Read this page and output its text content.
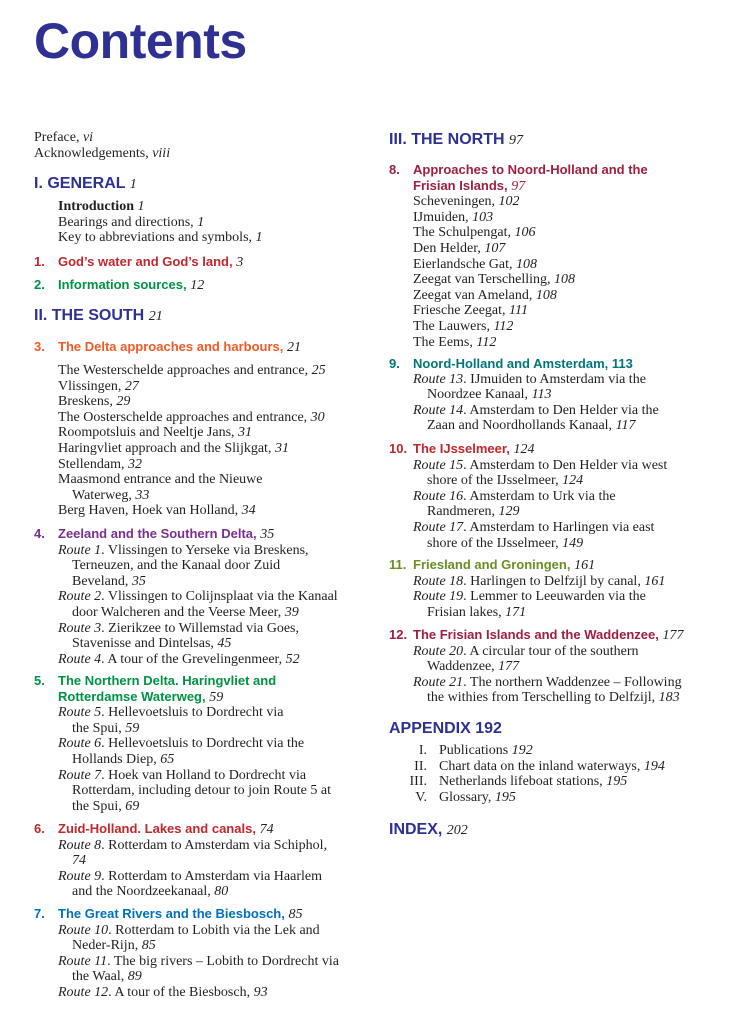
Contents
Preface, vi
Acknowledgements, viii
I. GENERAL 1
Introduction 1
Bearings and directions, 1
Key to abbreviations and symbols, 1
1. God’s water and God’s land, 3
2. Information sources, 12
II. THE SOUTH 21
3. The Delta approaches and harbours, 21
The Westerschelde approaches and entrance, 25
Vlissingen, 27
Breskens, 29
The Oosterschelde approaches and entrance, 30
Roompotsluis and Neeltje Jans, 31
Haringvliet approach and the Slijkgat, 31
Stellendam, 32
Maasmond entrance and the Nieuwe
Waterweg, 33
Berg Haven, Hoek van Holland, 34
4. Zeeland and the Southern Delta, 35
Route 1. Vlissingen to Yerseke via Breskens,
Terneuzen, and the Kanaal door Zuid
Beveland, 35
Route 2. Vlissingen to Colijnsplaat via the Kanaal
door Walcheren and the Veerse Meer, 39
Route 3. Zierikzee to Willemstad via Goes,
Stavenisse and Dintelsas, 45
Route 4. A tour of the Grevelingenmeer, 52
5. The Northern Delta. Haringvliet and
Rotterdamse Waterweg, 59
Route 5. Hellevoetsluis to Dordrecht via
the Spui, 59
Route 6. Hellevoetsluis to Dordrecht via the
Hollands Diep, 65
Route 7. Hoek van Holland to Dordrecht via
Rotterdam, including detour to join Route 5 at
the Spui, 69
6. Zuid-Holland. Lakes and canals, 74
Route 8. Rotterdam to Amsterdam via Schiphol,
74
Route 9. Rotterdam to Amsterdam via Haarlem
and the Noordzeekanaal, 80
7. The Great Rivers and the Biesbosch, 85
Route 10. Rotterdam to Lobith via the Lek and
Neder-Rijn, 85
Route 11. The big rivers – Lobith to Dordrecht via
the Waal, 89
Route 12. A tour of the Biesbosch, 93
III. THE NORTH 97
8. Approaches to Noord-Holland and the
Frisian Islands, 97
Scheveningen, 102
IJmuiden, 103
The Schulpengat, 106
Den Helder, 107
Eierlandsche Gat, 108
Zeegat van Terschelling, 108
Zeegat van Ameland, 108
Friesche Zeegat, 111
The Lauwers, 112
The Eems, 112
9. Noord-Holland and Amsterdam, 113
Route 13. IJmuiden to Amsterdam via the
Noordzee Kanaal, 113
Route 14. Amsterdam to Den Helder via the
Zaan and Noordhollands Kanaal, 117
10. The IJsselmeer, 124
Route 15. Amsterdam to Den Helder via west
shore of the IJsselmeer, 124
Route 16. Amsterdam to Urk via the
Randmeren, 129
Route 17. Amsterdam to Harlingen via east
shore of the IJsselmeer, 149
11. Friesland and Groningen, 161
Route 18. Harlingen to Delfzijl by canal, 161
Route 19. Lemmer to Leeuwarden via the
Frisian lakes, 171
12. The Frisian Islands and the Waddenzee, 177
Route 20. A circular tour of the southern
Waddenzee, 177
Route 21. The northern Waddenzee – Following
the withies from Terschelling to Delfzijl, 183
APPENDIX 192
I. Publications 192
II. Chart data on the inland waterways, 194
III. Netherlands lifeboat stations, 195
V. Glossary, 195
INDEX, 202
